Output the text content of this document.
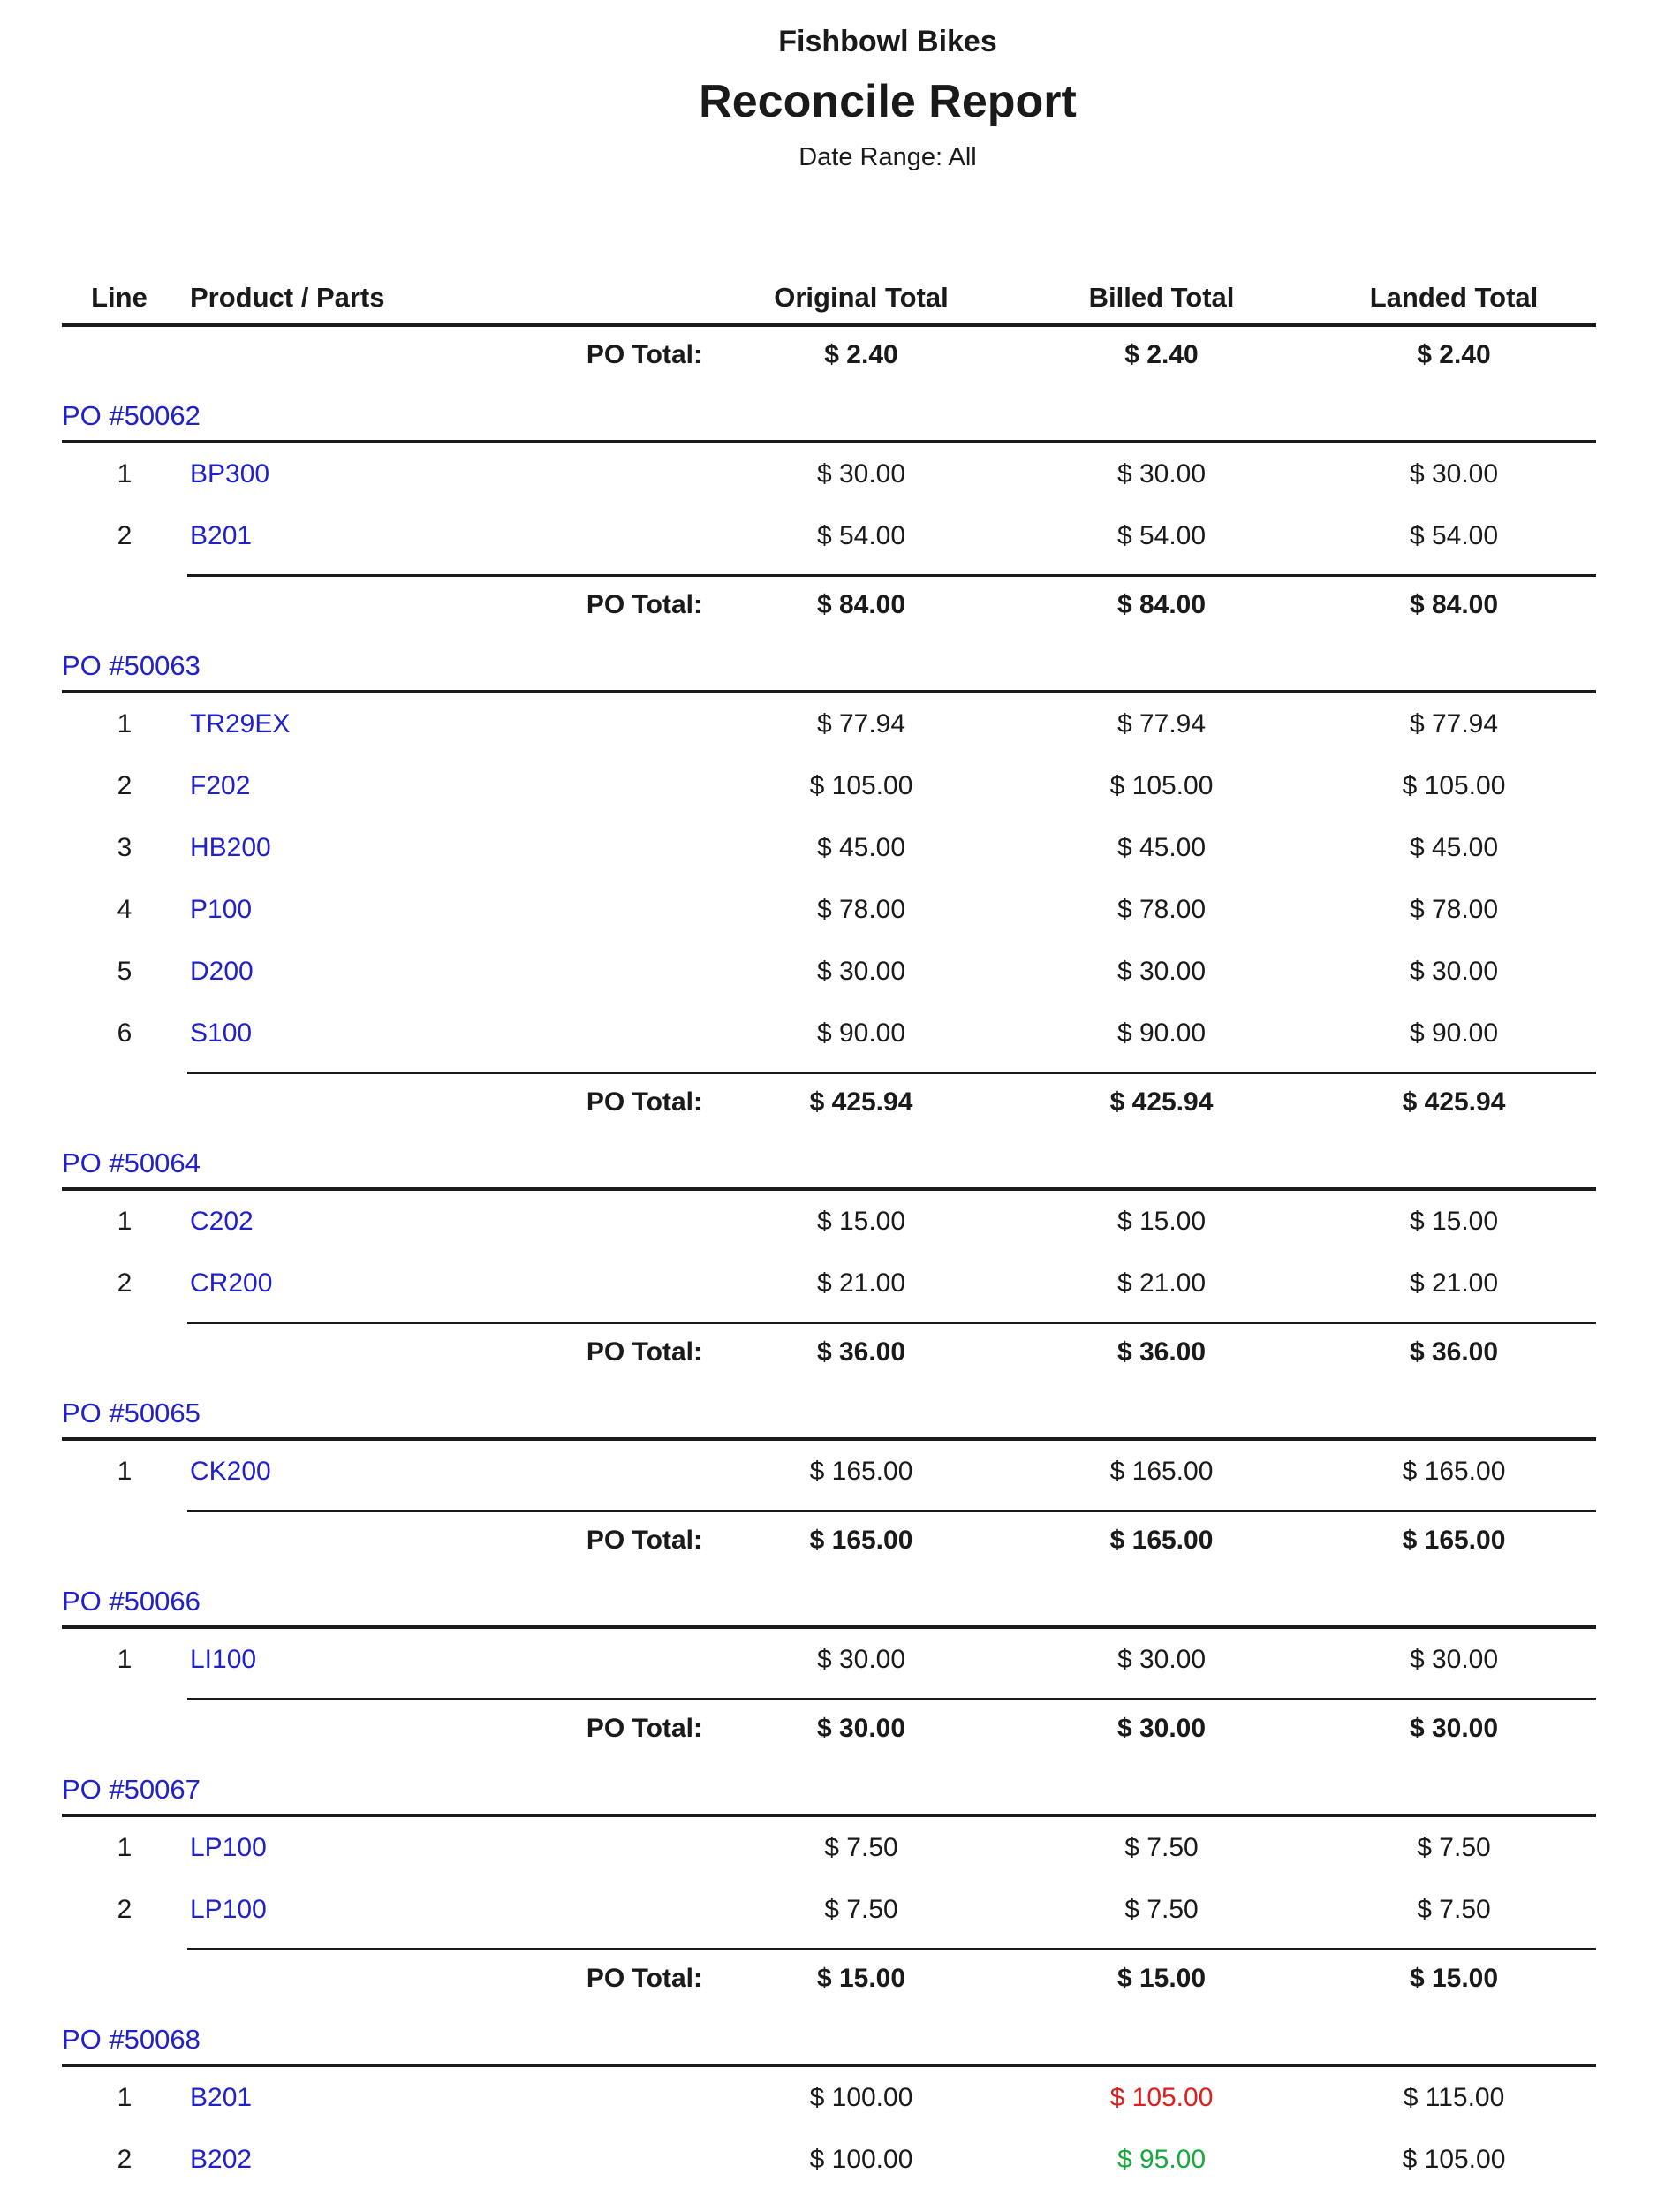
Fishbowl Bikes
Reconcile Report
Date Range: All
Line	Product / Parts	Original Total	Billed Total	Landed Total
PO Total:	$ 2.40	$ 2.40	$ 2.40
PO #50062
1	BP300	$ 30.00	$ 30.00	$ 30.00
2	B201	$ 54.00	$ 54.00	$ 54.00
PO Total:	$ 84.00	$ 84.00	$ 84.00
PO #50063
1	TR29EX	$ 77.94	$ 77.94	$ 77.94
2	F202	$ 105.00	$ 105.00	$ 105.00
3	HB200	$ 45.00	$ 45.00	$ 45.00
4	P100	$ 78.00	$ 78.00	$ 78.00
5	D200	$ 30.00	$ 30.00	$ 30.00
6	S100	$ 90.00	$ 90.00	$ 90.00
PO Total:	$ 425.94	$ 425.94	$ 425.94
PO #50064
1	C202	$ 15.00	$ 15.00	$ 15.00
2	CR200	$ 21.00	$ 21.00	$ 21.00
PO Total:	$ 36.00	$ 36.00	$ 36.00
PO #50065
1	CK200	$ 165.00	$ 165.00	$ 165.00
PO Total:	$ 165.00	$ 165.00	$ 165.00
PO #50066
1	LI100	$ 30.00	$ 30.00	$ 30.00
PO Total:	$ 30.00	$ 30.00	$ 30.00
PO #50067
1	LP100	$ 7.50	$ 7.50	$ 7.50
2	LP100	$ 7.50	$ 7.50	$ 7.50
PO Total:	$ 15.00	$ 15.00	$ 15.00
PO #50068
1	B201	$ 100.00	$ 105.00	$ 115.00
2	B202	$ 100.00	$ 95.00	$ 105.00
